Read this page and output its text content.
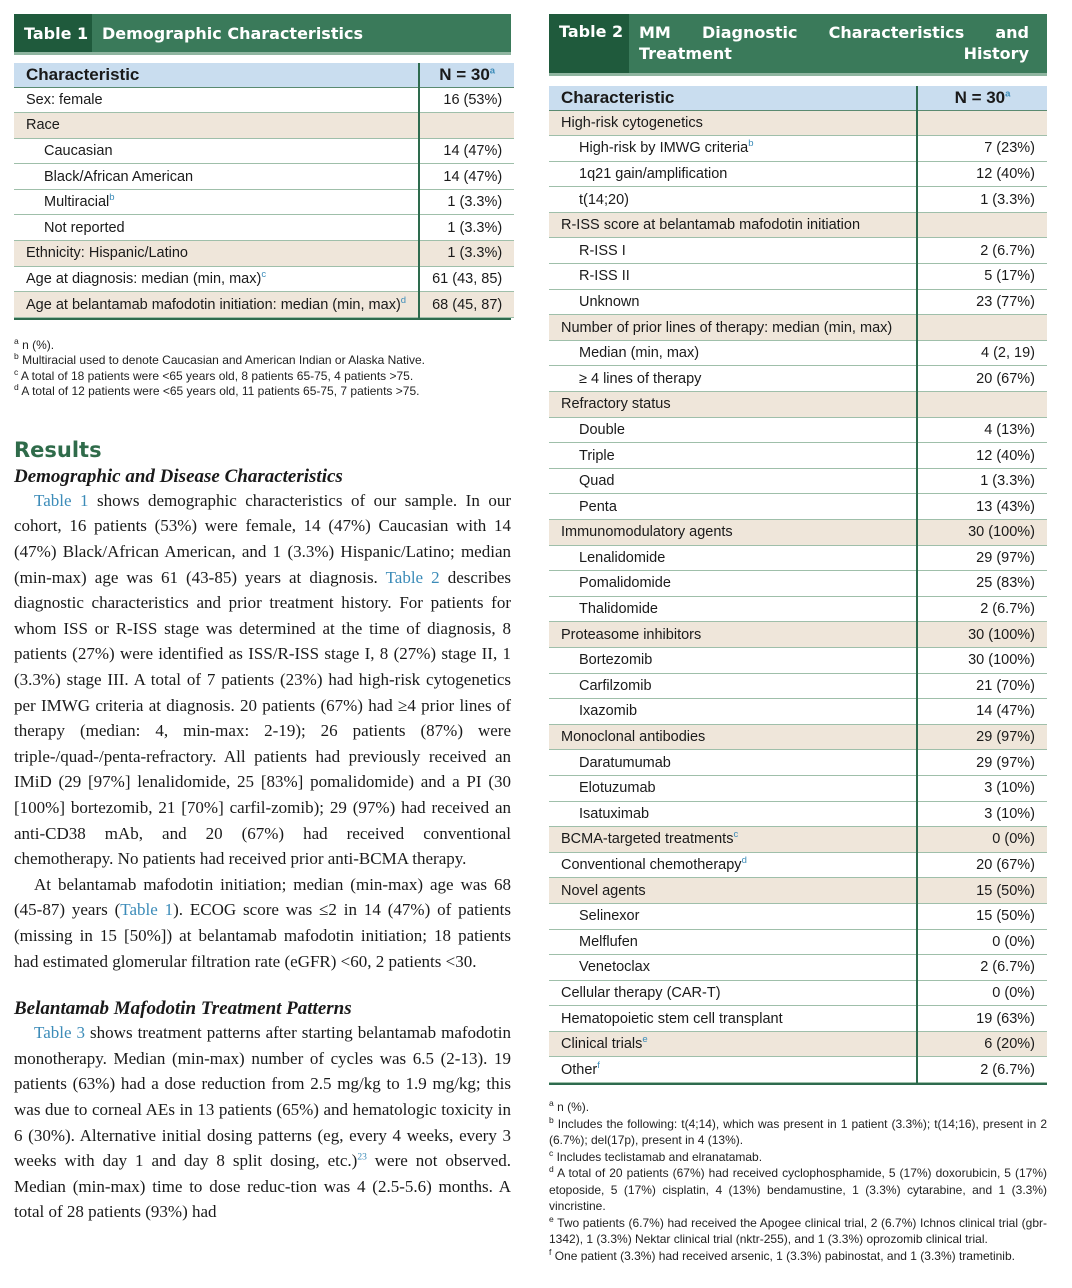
Table 1 Demographic Characteristics
Characteristic	$N = 30^a$
Sex: female	16 (53%)
Race	
Caucasian	14 (47%)
Black/African American	14 (47%)
Multiracial$^b$	1 (3.3%)
Not reported	1 (3.3%)
Ethnicity: Hispanic/Latino	1 (3.3%)
Age at diagnosis: median (min, max)$^c$	61 (43, 85)
Age at belantamab mafodotin initiation: median (min, max)$^d$	68 (45, 87)
$^a$ n (%).
$^b$ Multiracial used to denote Caucasian and American Indian or Alaska Native.
$^c$ A total of 18 patients were <65 years old, 8 patients 65-75, 4 patients >75.
$^d$ A total of 12 patients were <65 years old, 11 patients 65-75, 7 patients >75.
Results
Demographic and Disease Characteristics

Table 1 shows demographic characteristics of our sample. In our cohort, 16 patients (53%) were female, 14 (47%) Caucasian with 14 (47%) Black/African American, and 1 (3.3%) Hispanic/Latino; median (min-max) age was 61 (43-85) years at diagnosis. Table 2 describes diagnostic characteristics and prior treatment history. For patients for whom ISS or R-ISS stage was determined at the time of diagnosis, 8 patients (27%) were identified as ISS/R-ISS stage I, 8 (27%) stage II, 1 (3.3%) stage III. A total of 7 patients (23%) had high-risk cytogenetics per IMWG criteria at diagnosis. 20 patients (67%) had ≥4 prior lines of therapy (median: 4, min-max: 2-19); 26 patients (87%) were triple-/quad-/penta-refractory. All patients had previously received an IMiD (29 [97%] lenalidomide, 25 [83%] pomalidomide) and a PI (30 [100%] bortezomib, 21 [70%] carfil-zomib); 29 (97%) had received an anti-CD38 mAb, and 20 (67%) had received conventional chemotherapy. No patients had received prior anti-BCMA therapy.

At belantamab mafodotin initiation; median (min-max) age was 68 (45-87) years (Table 1). ECOG score was ≤2 in 14 (47%) of patients (missing in 15 [50%]) at belantamab mafodotin initiation; 18 patients had estimated glomerular filtration rate (eGFR) <60, 2 patients <30.

Belantamab Mafodotin Treatment Patterns

Table 3 shows treatment patterns after starting belantamab mafodotin monotherapy. Median (min-max) number of cycles was 6.5 (2-13). 19 patients (63%) had a dose reduction from 2.5 mg/kg to 1.9 mg/kg; this was due to corneal AEs in 13 patients (65%) and hematologic toxicity in 6 (30%). Alternative initial dosing patterns (eg, every 4 weeks, every 3 weeks with day 1 and day 8 split dosing, etc.)$^{23}$ were not observed. Median (min-max) time to dose reduc-tion was 4 (2.5-5.6) months. A total of 28 patients (93%) had

Table 2 MM Diagnostic Characteristics and Treatment History
Characteristic	$N = 30^a$
High-risk cytogenetics	
High-risk by IMWG criteria$^b$	7 (23%)
1q21 gain/amplification	12 (40%)
t(14;20)	1 (3.3%)
R-ISS score at belantamab mafodotin initiation	
R-ISS I	2 (6.7%)
R-ISS II	5 (17%)
Unknown	23 (77%)
Number of prior lines of therapy: median (min, max)	
Median (min, max)	4 (2, 19)
≥ 4 lines of therapy	20 (67%)
Refractory status	
Double	4 (13%)
Triple	12 (40%)
Quad	1 (3.3%)
Penta	13 (43%)
Immunomodulatory agents	30 (100%)
Lenalidomide	29 (97%)
Pomalidomide	25 (83%)
Thalidomide	2 (6.7%)
Proteasome inhibitors	30 (100%)
Bortezomib	30 (100%)
Carfilzomib	21 (70%)
Ixazomib	14 (47%)
Monoclonal antibodies	29 (97%)
Daratumumab	29 (97%)
Elotuzumab	3 (10%)
Isatuximab	3 (10%)
BCMA-targeted treatments$^c$	0 (0%)
Conventional chemotherapy$^d$	20 (67%)
Novel agents	15 (50%)
Selinexor	15 (50%)
Melflufen	0 (0%)
Venetoclax	2 (6.7%)
Cellular therapy (CAR-T)	0 (0%)
Hematopoietic stem cell transplant	19 (63%)
Clinical trials$^e$	6 (20%)
Other$^f$	2 (6.7%)
$^a$ n (%).
$^b$ Includes the following: t(4;14), which was present in 1 patient (3.3%); t(14;16), present in 2 (6.7%); del(17p), present in 4 (13%).
$^c$ Includes teclistamab and elranatamab.
$^d$ A total of 20 patients (67%) had received cyclophosphamide, 5 (17%) doxorubicin, 5 (17%) etoposide, 5 (17%) cisplatin, 4 (13%) bendamustine, 1 (3.3%) cytarabine, and 1 (3.3%) vincristine.
$^e$ Two patients (6.7%) had received the Apogee clinical trial, 2 (6.7%) Ichnos clinical trial (gbr-1342), 1 (3.3%) Nektar clinical trial (nktr-255), and 1 (3.3%) oprozomib clinical trial.
$^f$ One patient (3.3%) had received arsenic, 1 (3.3%) pabinostat, and 1 (3.3%) trametinib.
